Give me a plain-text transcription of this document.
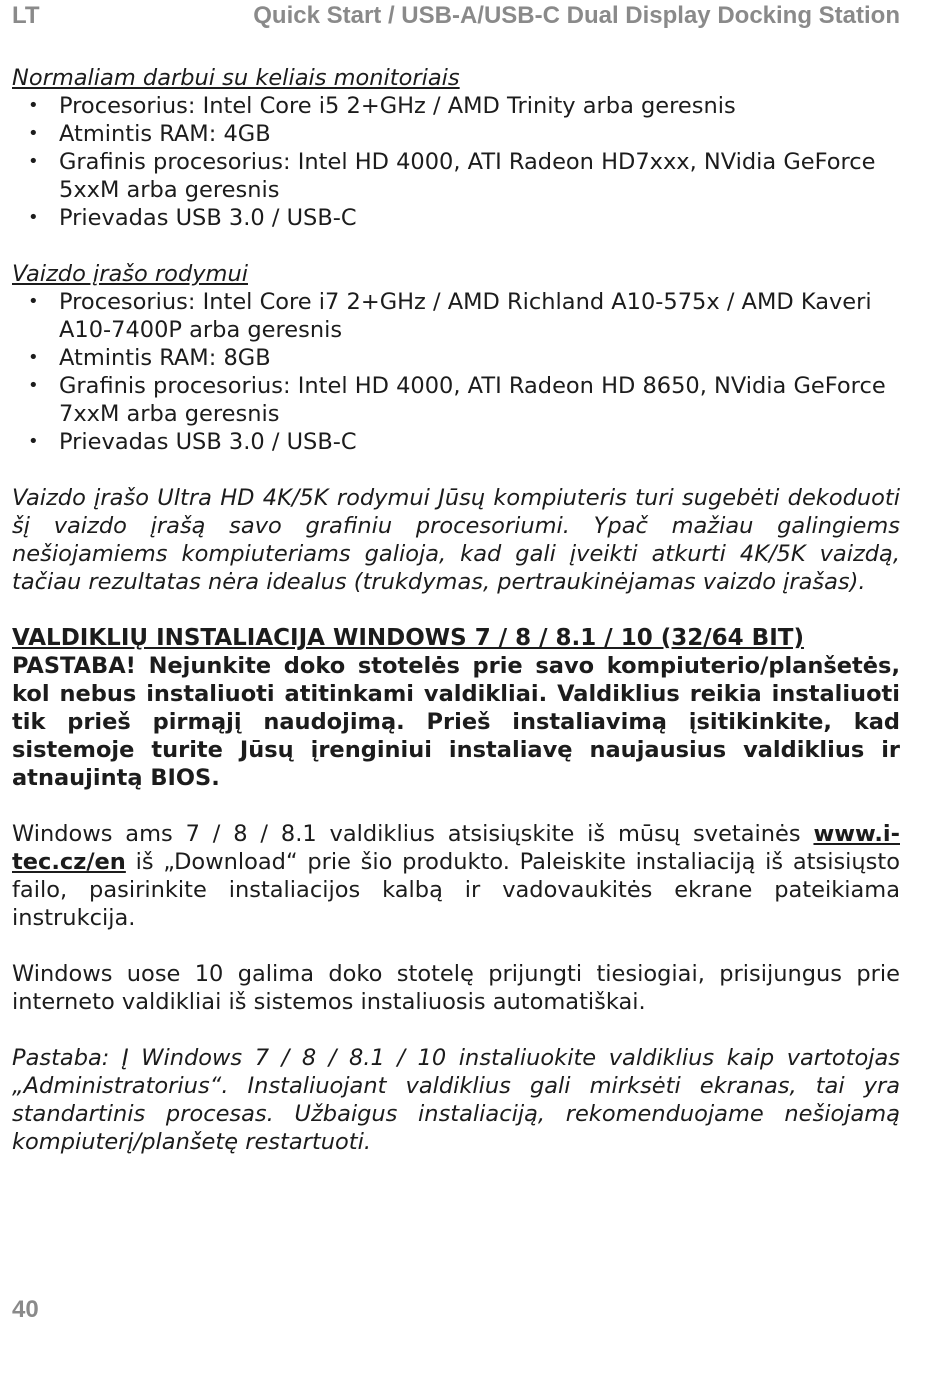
LT	Quick Start / USB-A/USB-C Dual Display Docking Station

Normaliam darbui su keliais monitoriais

• Procesorius: Intel Core i5 2+GHz / AMD Trinity arba geresnis
• Atmintis RAM: 4GB
• Grafinis procesorius: Intel HD 4000, ATI Radeon HD7xxx, NVidia GeForce 5xxM arba geresnis
• Prievadas USB 3.0 / USB-C

Vaizdo įrašo rodymui

• Procesorius: Intel Core i7 2+GHz / AMD Richland A10-575x / AMD Kaveri A10-7400P arba geresnis
• Atmintis RAM: 8GB
• Grafinis procesorius: Intel HD 4000, ATI Radeon HD 8650, NVidia GeForce 7xxM arba geresnis
• Prievadas USB 3.0 / USB-C

Vaizdo įrašo Ultra HD 4K/5K rodymui Jūsų kompiuteris turi sugebėti dekoduoti šį vaizdo įrašą savo grafiniu procesoriumi. Ypač mažiau galingiems nešiojamiems kompiuteriams galioja, kad gali įveikti atkurti 4K/5K vaizdą, tačiau rezultatas nėra idealus (trukdymas, pertraukinėjamas vaizdo įrašas).

VALDIKLIŲ INSTALIACIJA WINDOWS 7 / 8 / 8.1 / 10 (32/64 BIT)

PASTABA! Nejunkite doko stotelės prie savo kompiuterio/planšetės, kol nebus instaliuoti atitinkami valdikliai. Valdiklius reikia instaliuoti tik prieš pirmąjį naudojimą. Prieš instaliavimą įsitikinkite, kad sistemoje turite Jūsų įrenginiui instaliavę naujausius valdiklius ir atnaujintą BIOS.

Windows ams 7 / 8 / 8.1 valdiklius atsisiųskite iš mūsų svetainės www.i-tec.cz/en iš „Download“ prie šio produkto. Paleiskite instaliaciją iš atsisiųsto failo, pasirinkite instaliacijos kalbą ir vadovaukitės ekrane pateikiama instrukcija.

Windows uose 10 galima doko stotelę prijungti tiesiogiai, prisijungus prie interneto valdikliai iš sistemos instaliuosis automatiškai.

Pastaba: Į Windows 7 / 8 / 8.1 / 10 instaliuokite valdiklius kaip vartotojas „Administratorius“. Instaliuojant valdiklius gali mirksėti ekranas, tai yra standartinis procesas. Užbaigus instaliaciją, rekomenduojame nešiojamą kompiuterį/planšetę restartuoti.

40
